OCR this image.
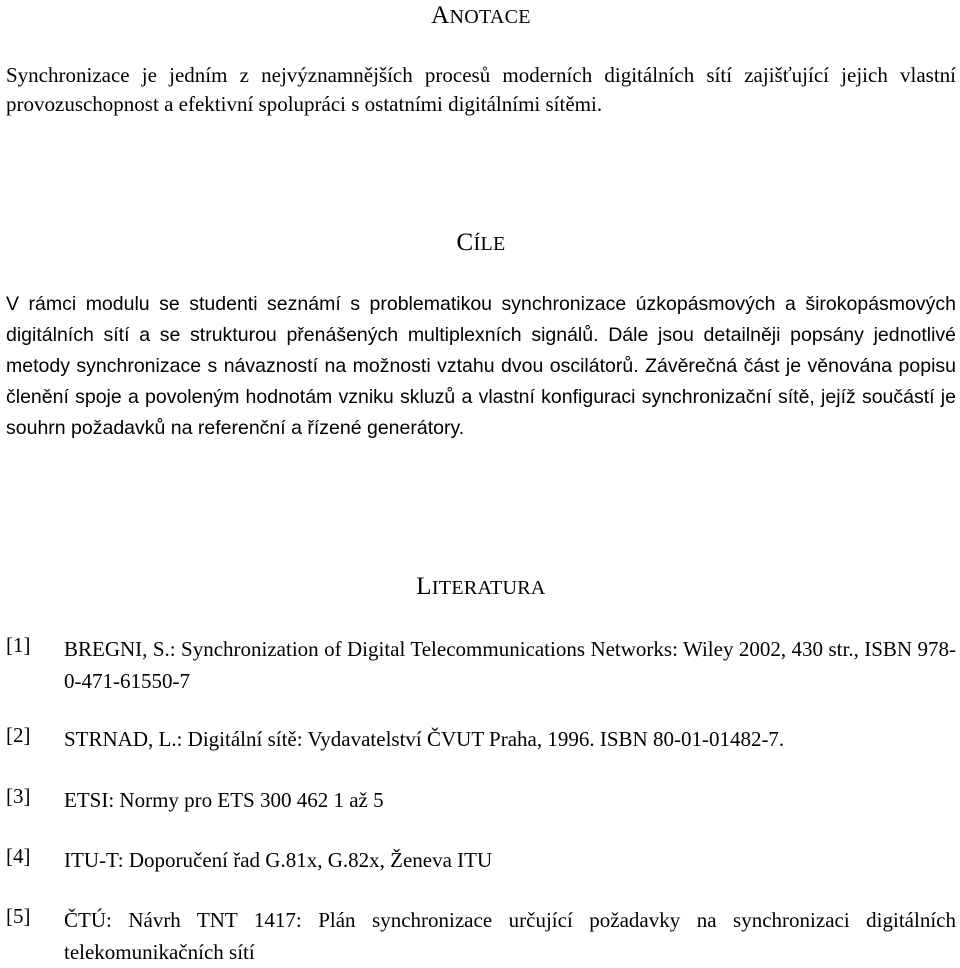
ANOTACE

Synchronizace je jedním z nejvýznamnějších procesů moderních digitálních sítí zajišťující jejich vlastní provozuschopnost a efektivní spolupráci s ostatními digitálními sítěmi.

CÍLE

V rámci modulu se studenti seznámí s problematikou synchronizace úzkopásmových a širokopásmových digitálních sítí a se strukturou přenášených multiplexních signálů. Dále jsou detailněji popsány jednotlivé metody synchronizace s návazností na možnosti vztahu dvou oscilátorů. Závěrečná část je věnována popisu členění spoje a povoleným hodnotám vzniku skluzů a vlastní konfiguraci synchronizační sítě, jejíž součástí je souhrn požadavků na referenční a řízené generátory.

LITERATURA
[1] BREGNI, S.: Synchronization of Digital Telecommunications Networks: Wiley 2002, 430 str., ISBN 978-0-471-61550-7
[2] STRNAD, L.: Digitální sítě: Vydavatelství ČVUT Praha, 1996. ISBN 80-01-01482-7.
[3] ETSI: Normy pro ETS 300 462 1 až 5
[4] ITU-T: Doporučení řad G.81x, G.82x, Ženeva ITU
[5] ČTÚ: Návrh TNT 1417: Plán synchronizace určující požadavky na synchronizaci digitálních telekomunikačních sítí
